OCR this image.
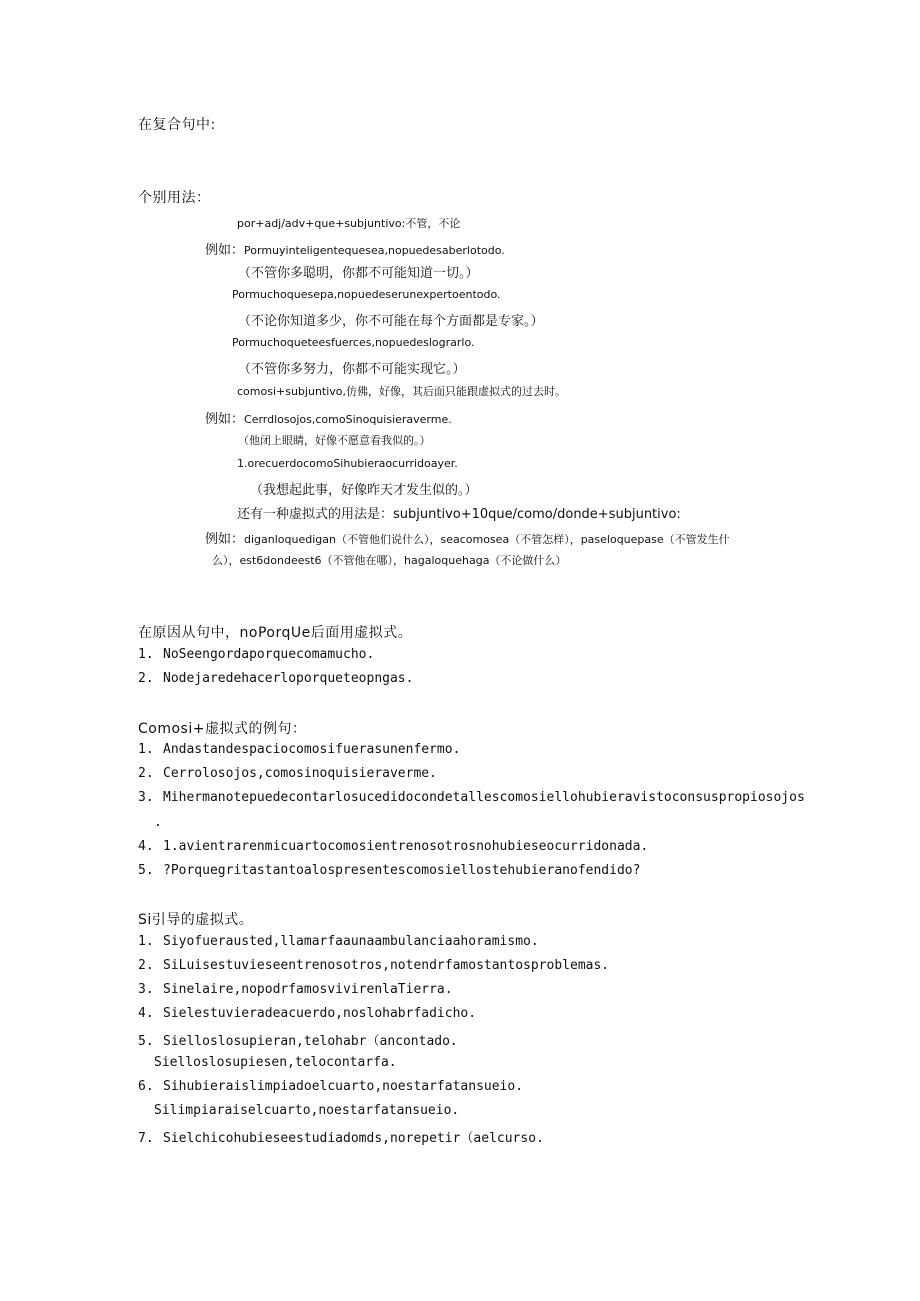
在复合句中:
个别用法：
por+adj/adv+que+subjuntivo:不管，不论
例如：Pormuyinteligentequesea,nopuedesaberlotodo.
（不管你多聪明，你都不可能知道一切。）
Pormuchoquesepa,nopuedeserunexpertoentodo.
（不论你知道多少，你不可能在每个方面都是专家。）
Pormuchoqueteesfuerces,nopuedeslograrlo.
（不管你多努力，你都不可能实现它。）
comosi+subjuntivo,仿佛，好像，其后面只能跟虚拟式的过去时。
例如：Cerrdlosojos,comoSinoquisieraverme.
（他闭上眼睛，好像不愿意看我似的。）
1.orecuerdocomoSihubieraocurridoayer.
（我想起此事，好像昨天才发生似的。）
还有一种虚拟式的用法是：subjuntivo+10que/como/donde+subjuntivo:
例如：diganloquedigan（不管他们说什么），seacomosea（不管怎样），paseloquepase（不管发生什
么），est6dondeest6（不管他在哪），hagaloquehaga（不论做什么）
在原因从句中，noPorqUe后面用虚拟式。
1. NoSeengordaporquecomamucho.
2. Nodejaredehacerloporqueteopngas.
Comosi+虚拟式的例句：
1. Andastandespaciocomosifuerasunenfermo.
2. Cerrolosojos,comosinoquisieraverme.
3. Mihermanotepuedecontarlosucedidocondetallescomosiellohubieravistoconsuspropiosojos
.
4. 1.avientrarenmicuartocomosientrenosotrosnohubieseocurridonada.
5. ?Porquegritastantoalospresentescomosiellostehubieranofendido?
Si引导的虚拟式。
1. Siyofuerausted,llamarfaaunaambulanciaahoramismo.
2. SiLuisestuvieseentrenosotros,notendrfamostantosproblemas.
3. Sinelaire,nopodrfamosvivirenlaTierra.
4. Sielestuvieradeacuerdo,noslohabrfadicho.
5. Sielloslosupieran,telohabr（ancontado.
Sielloslosupiesen,telocontarfa.
6. Sihubieraislimpiadoelcuarto,noestarfatansueio.
Silimpiaraiselcuarto,noestarfatansueio.
7. Sielchicohubieseestudiadomds,norepetir（aelcurso.
